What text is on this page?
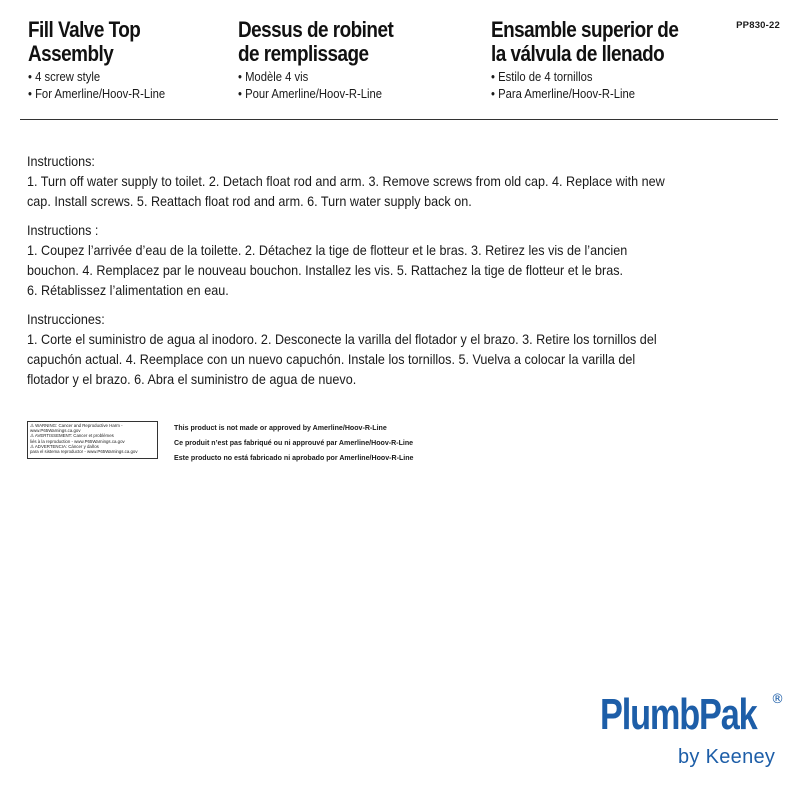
Fill Valve Top
Assembly
• 4 screw style
• For Amerline/Hoov-R-Line
Dessus de robinet
de remplissage
• Modèle 4 vis
• Pour Amerline/Hoov-R-Line
Ensamble superior de
la válvula de llenado
• Estilo de 4 tornillos
• Para Amerline/Hoov-R-Line
PP830-22
Instructions:
1. Turn off water supply to toilet. 2. Detach float rod and arm. 3. Remove screws from old cap. 4. Replace with new
cap. Install screws. 5. Reattach float rod and arm. 6. Turn water supply back on.
Instructions :
1. Coupez l’arrivée d’eau de la toilette. 2. Détachez la tige de flotteur et le bras. 3. Retirez les vis de l’ancien
bouchon. 4. Remplacez par le nouveau bouchon. Installez les vis. 5. Rattachez la tige de flotteur et le bras.
6. Rétablissez l’alimentation en eau.
Instrucciones:
1. Corte el suministro de agua al inodoro. 2. Desconecte la varilla del flotador y el brazo. 3. Retire los tornillos del
capuchón actual. 4. Reemplace con un nuevo capuchón. Instale los tornillos. 5. Vuelva a colocar la varilla del
flotador y el brazo. 6. Abra el suministro de agua de nuevo.
⚠ WARNING: Cancer and Reproductive Harm -
www.P65Warnings.ca.gov
⚠ AVERTISSEMENT: Cancer et problèmes
liés à la reproduction - www.P65Warnings.ca.gov
⚠ ADVERTENCIA: Cáncer y daños
para el sistema reproductor - www.P65Warnings.ca.gov
This product is not made or approved by Amerline/Hoov-R-Line
Ce produit n’est pas fabriqué ou ni approuvé par Amerline/Hoov-R-Line
Este producto no está fabricado ni aprobado por Amerline/Hoov-R-Line
PlumbPak ®
by Keeney
